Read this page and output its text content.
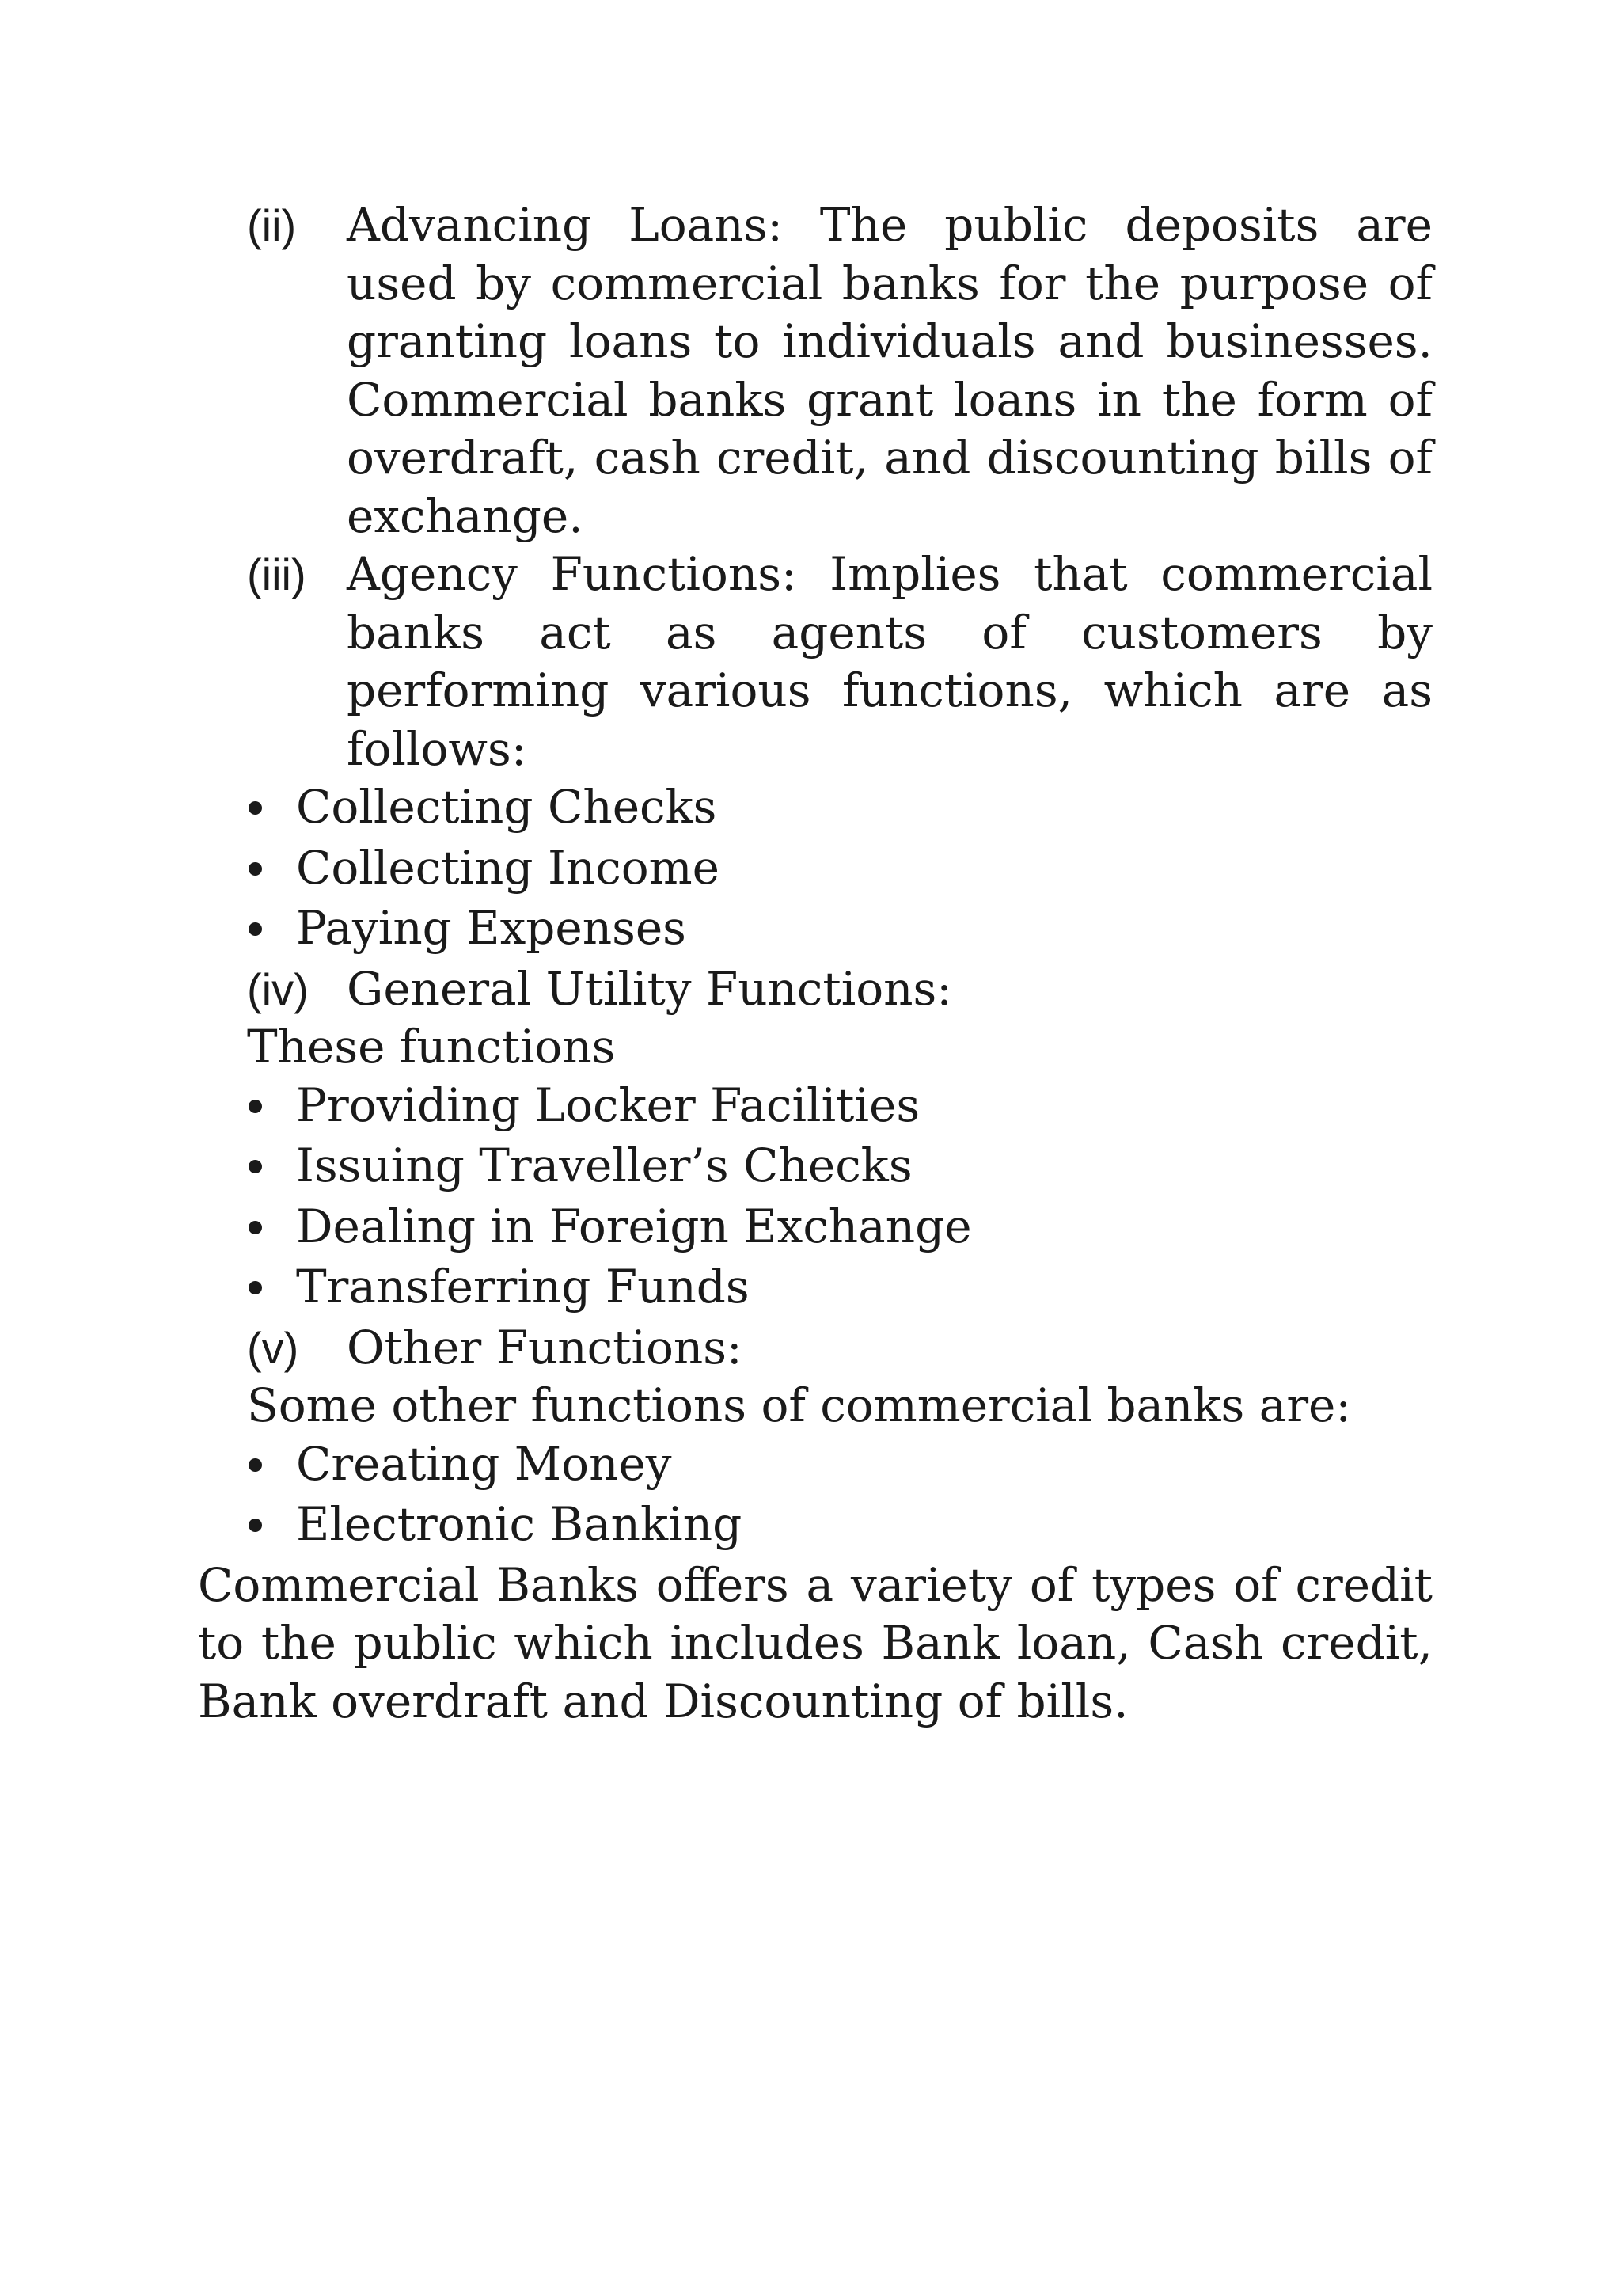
(ii)	Advancing Loans: The public deposits are used by commercial banks for the purpose of granting loans to individuals and businesses. Commercial banks grant loans in the form of overdraft, cash credit, and discounting bills of exchange.
(iii) Agency Functions: Implies that commercial banks act as agents of customers by performing various functions, which are as follows:
Collecting Checks
Collecting Income
Paying Expenses
(iv) General Utility Functions:
These functions
Providing Locker Facilities
Issuing Traveller’s Checks
Dealing in Foreign Exchange
Transferring Funds
(v)	Other Functions:
Some other functions of commercial banks are:
Creating Money
Electronic Banking
Commercial Banks offers a variety of types of credit to the public which includes Bank loan, Cash credit, Bank overdraft and Discounting of bills.
